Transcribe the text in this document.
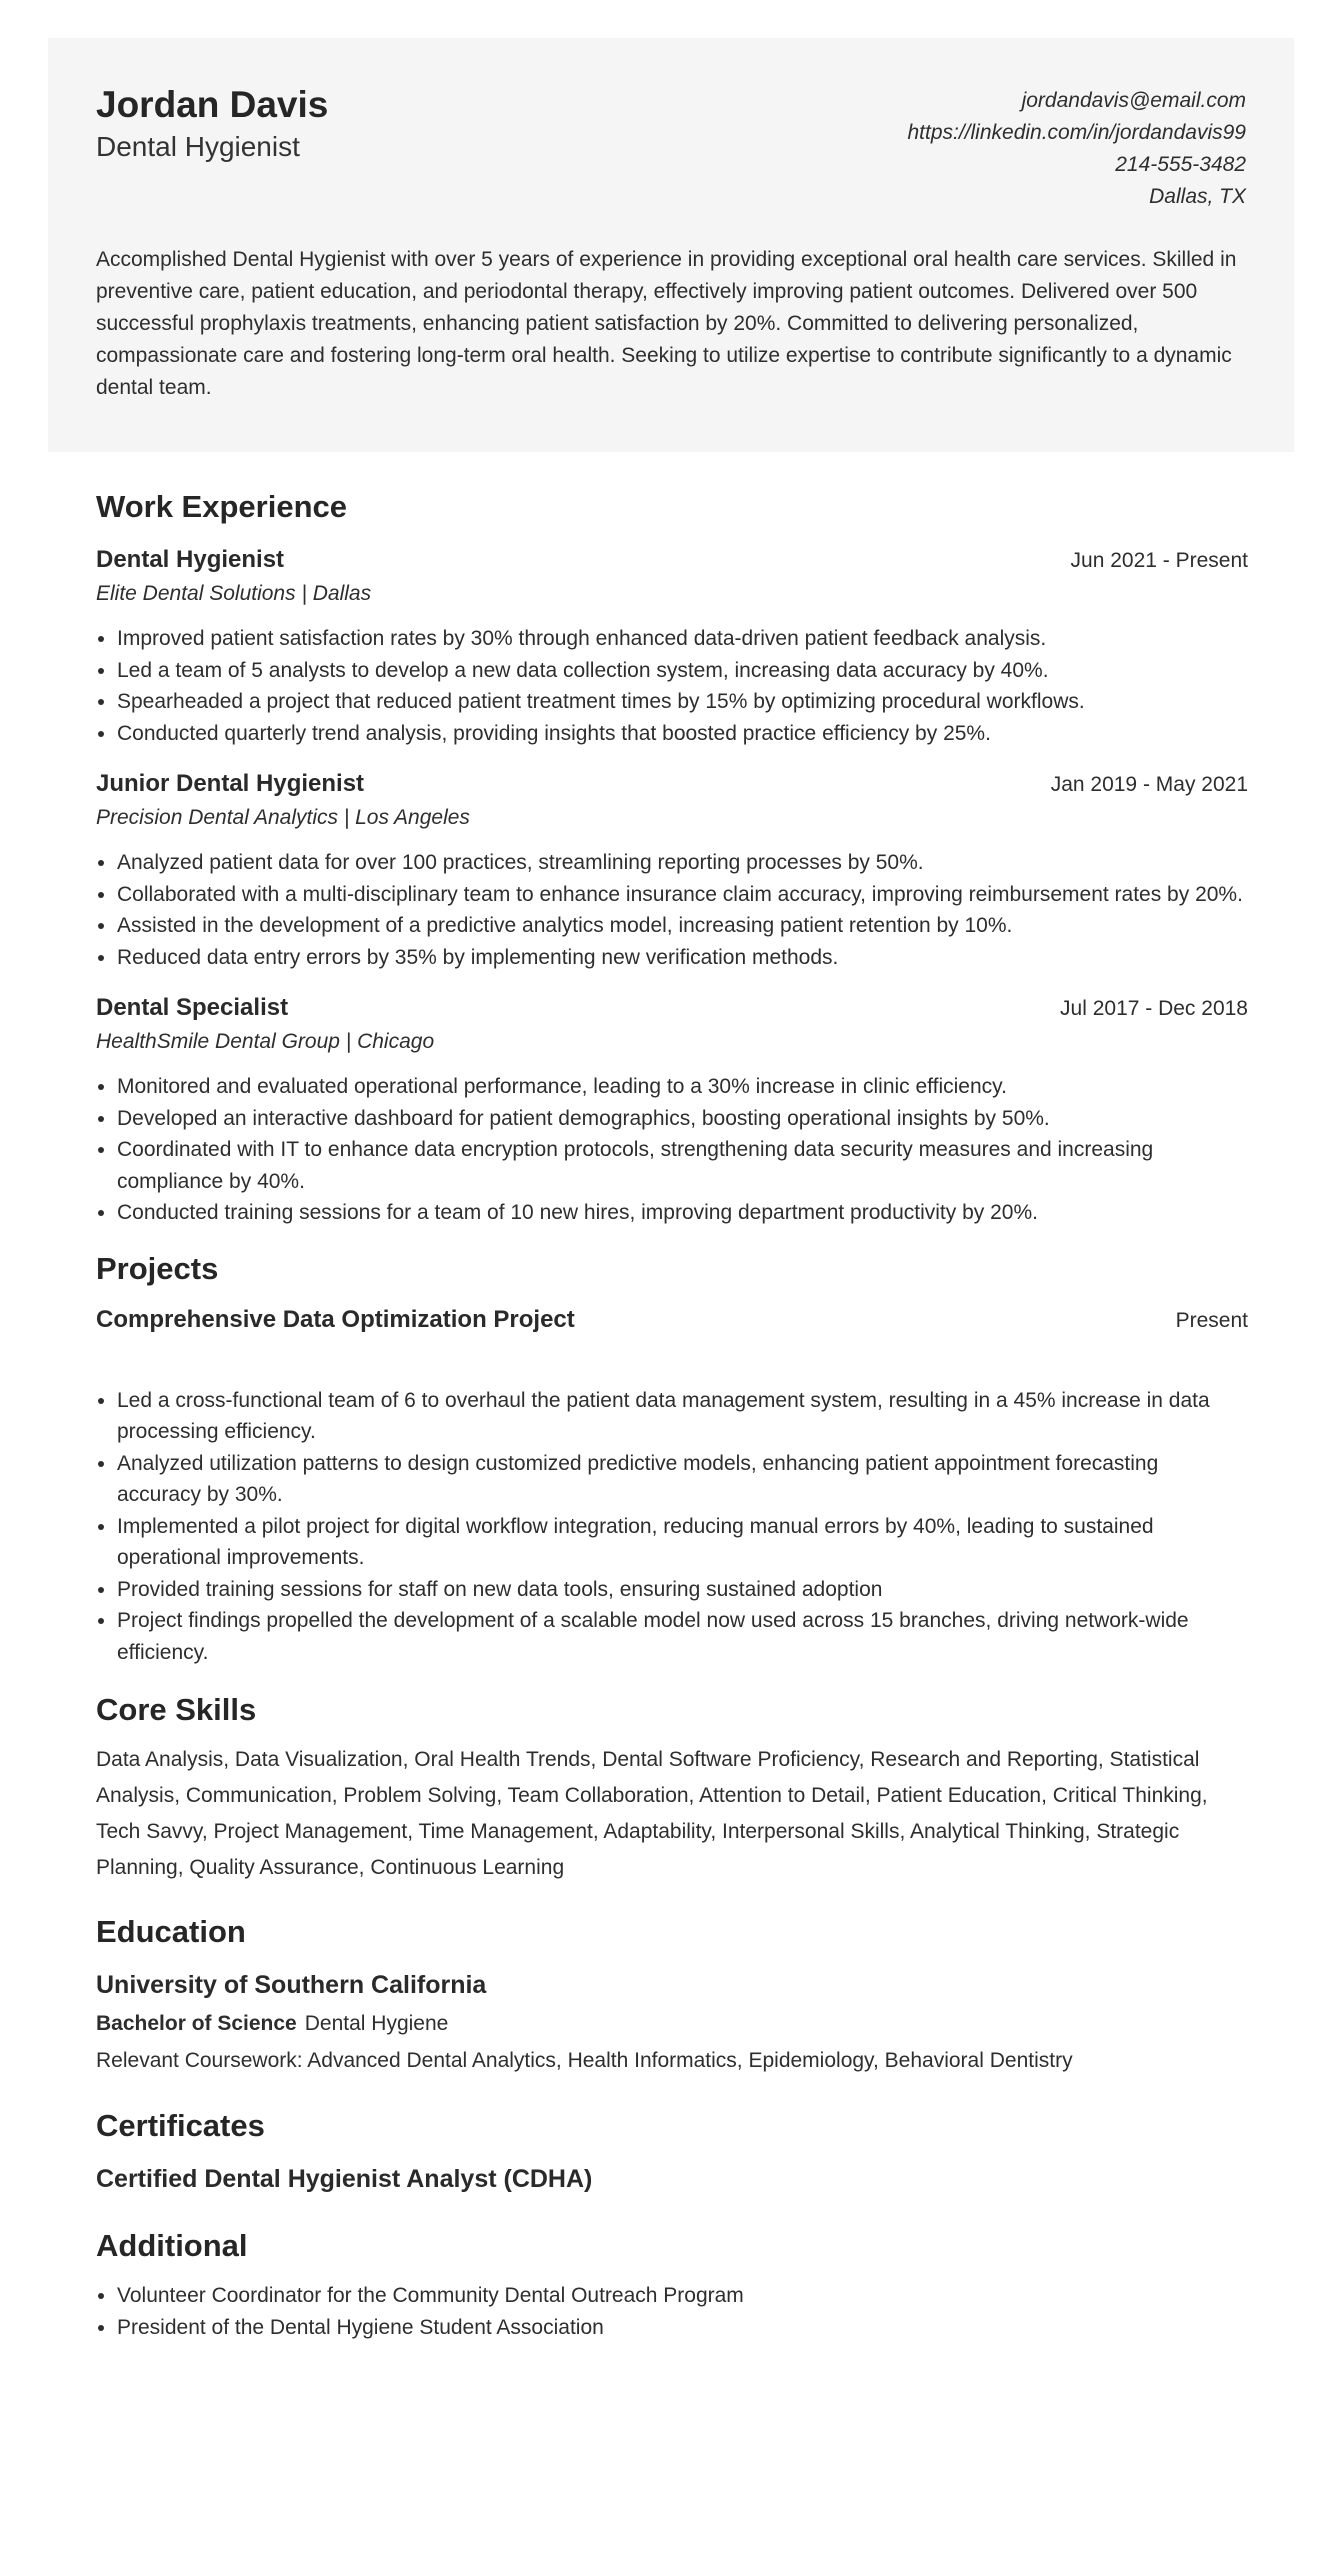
Jordan Davis
Dental Hygienist
jordandavis@email.com
https://linkedin.com/in/jordandavis99
214-555-3482
Dallas, TX
Accomplished Dental Hygienist with over 5 years of experience in providing exceptional oral health care services. Skilled in preventive care, patient education, and periodontal therapy, effectively improving patient outcomes. Delivered over 500 successful prophylaxis treatments, enhancing patient satisfaction by 20%. Committed to delivering personalized, compassionate care and fostering long-term oral health. Seeking to utilize expertise to contribute significantly to a dynamic dental team.
Work Experience
Dental Hygienist	Jun 2021 - Present
Elite Dental Solutions | Dallas
• Improved patient satisfaction rates by 30% through enhanced data-driven patient feedback analysis.
• Led a team of 5 analysts to develop a new data collection system, increasing data accuracy by 40%.
• Spearheaded a project that reduced patient treatment times by 15% by optimizing procedural workflows.
• Conducted quarterly trend analysis, providing insights that boosted practice efficiency by 25%.
Junior Dental Hygienist	Jan 2019 - May 2021
Precision Dental Analytics | Los Angeles
• Analyzed patient data for over 100 practices, streamlining reporting processes by 50%.
• Collaborated with a multi-disciplinary team to enhance insurance claim accuracy, improving reimbursement rates by 20%.
• Assisted in the development of a predictive analytics model, increasing patient retention by 10%.
• Reduced data entry errors by 35% by implementing new verification methods.
Dental Specialist	Jul 2017 - Dec 2018
HealthSmile Dental Group | Chicago
• Monitored and evaluated operational performance, leading to a 30% increase in clinic efficiency.
• Developed an interactive dashboard for patient demographics, boosting operational insights by 50%.
• Coordinated with IT to enhance data encryption protocols, strengthening data security measures and increasing compliance by 40%.
• Conducted training sessions for a team of 10 new hires, improving department productivity by 20%.
Projects
Comprehensive Data Optimization Project	Present
• Led a cross-functional team of 6 to overhaul the patient data management system, resulting in a 45% increase in data processing efficiency.
• Analyzed utilization patterns to design customized predictive models, enhancing patient appointment forecasting accuracy by 30%.
• Implemented a pilot project for digital workflow integration, reducing manual errors by 40%, leading to sustained operational improvements.
• Provided training sessions for staff on new data tools, ensuring sustained adoption
• Project findings propelled the development of a scalable model now used across 15 branches, driving network-wide efficiency.
Core Skills
Data Analysis, Data Visualization, Oral Health Trends, Dental Software Proficiency, Research and Reporting, Statistical Analysis, Communication, Problem Solving, Team Collaboration, Attention to Detail, Patient Education, Critical Thinking, Tech Savvy, Project Management, Time Management, Adaptability, Interpersonal Skills, Analytical Thinking, Strategic Planning, Quality Assurance, Continuous Learning
Education
University of Southern California
Bachelor of Science Dental Hygiene
Relevant Coursework: Advanced Dental Analytics, Health Informatics, Epidemiology, Behavioral Dentistry
Certificates
Certified Dental Hygienist Analyst (CDHA)
Additional
• Volunteer Coordinator for the Community Dental Outreach Program
• President of the Dental Hygiene Student Association
